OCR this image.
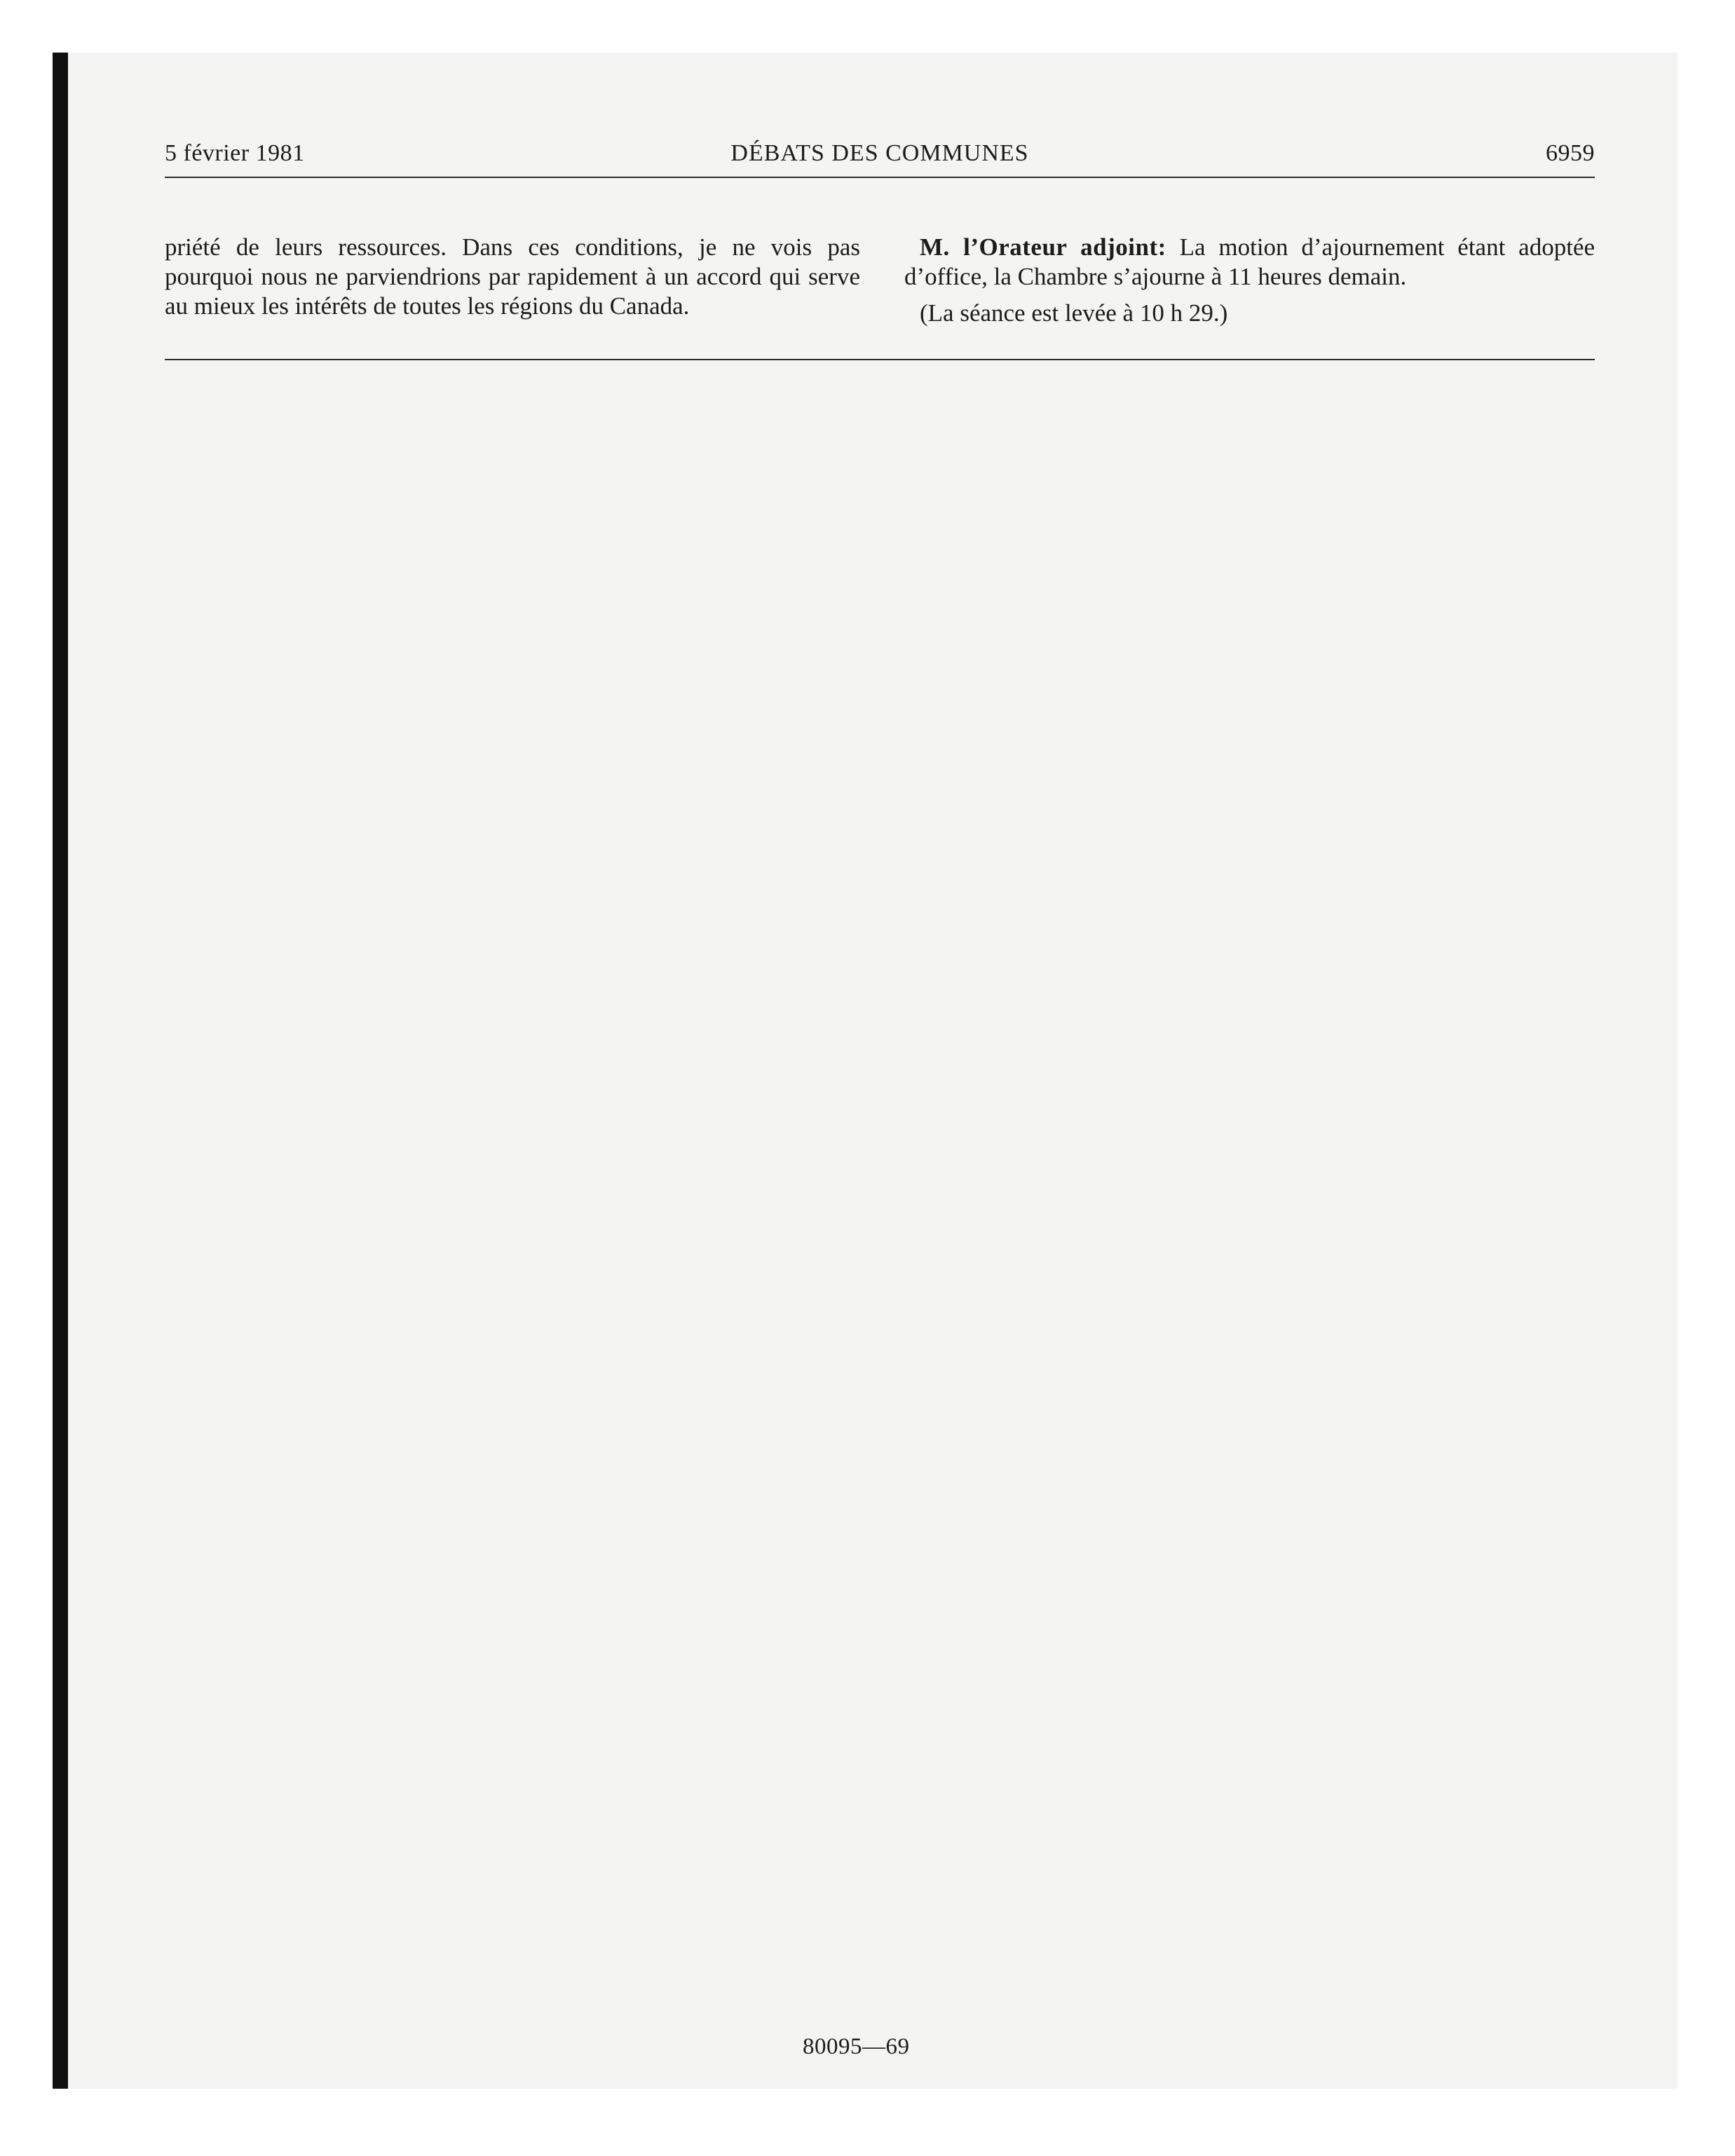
5 février 1981	DÉBATS DES COMMUNES	6959

priété de leurs ressources. Dans ces conditions, je ne vois pas pourquoi nous ne parviendrions par rapidement à un accord qui serve au mieux les intérêts de toutes les régions du Canada.

M. l’Orateur adjoint: La motion d’ajournement étant adoptée d’office, la Chambre s’ajourne à 11 heures demain.

(La séance est levée à 10 h 29.)

80095—69
